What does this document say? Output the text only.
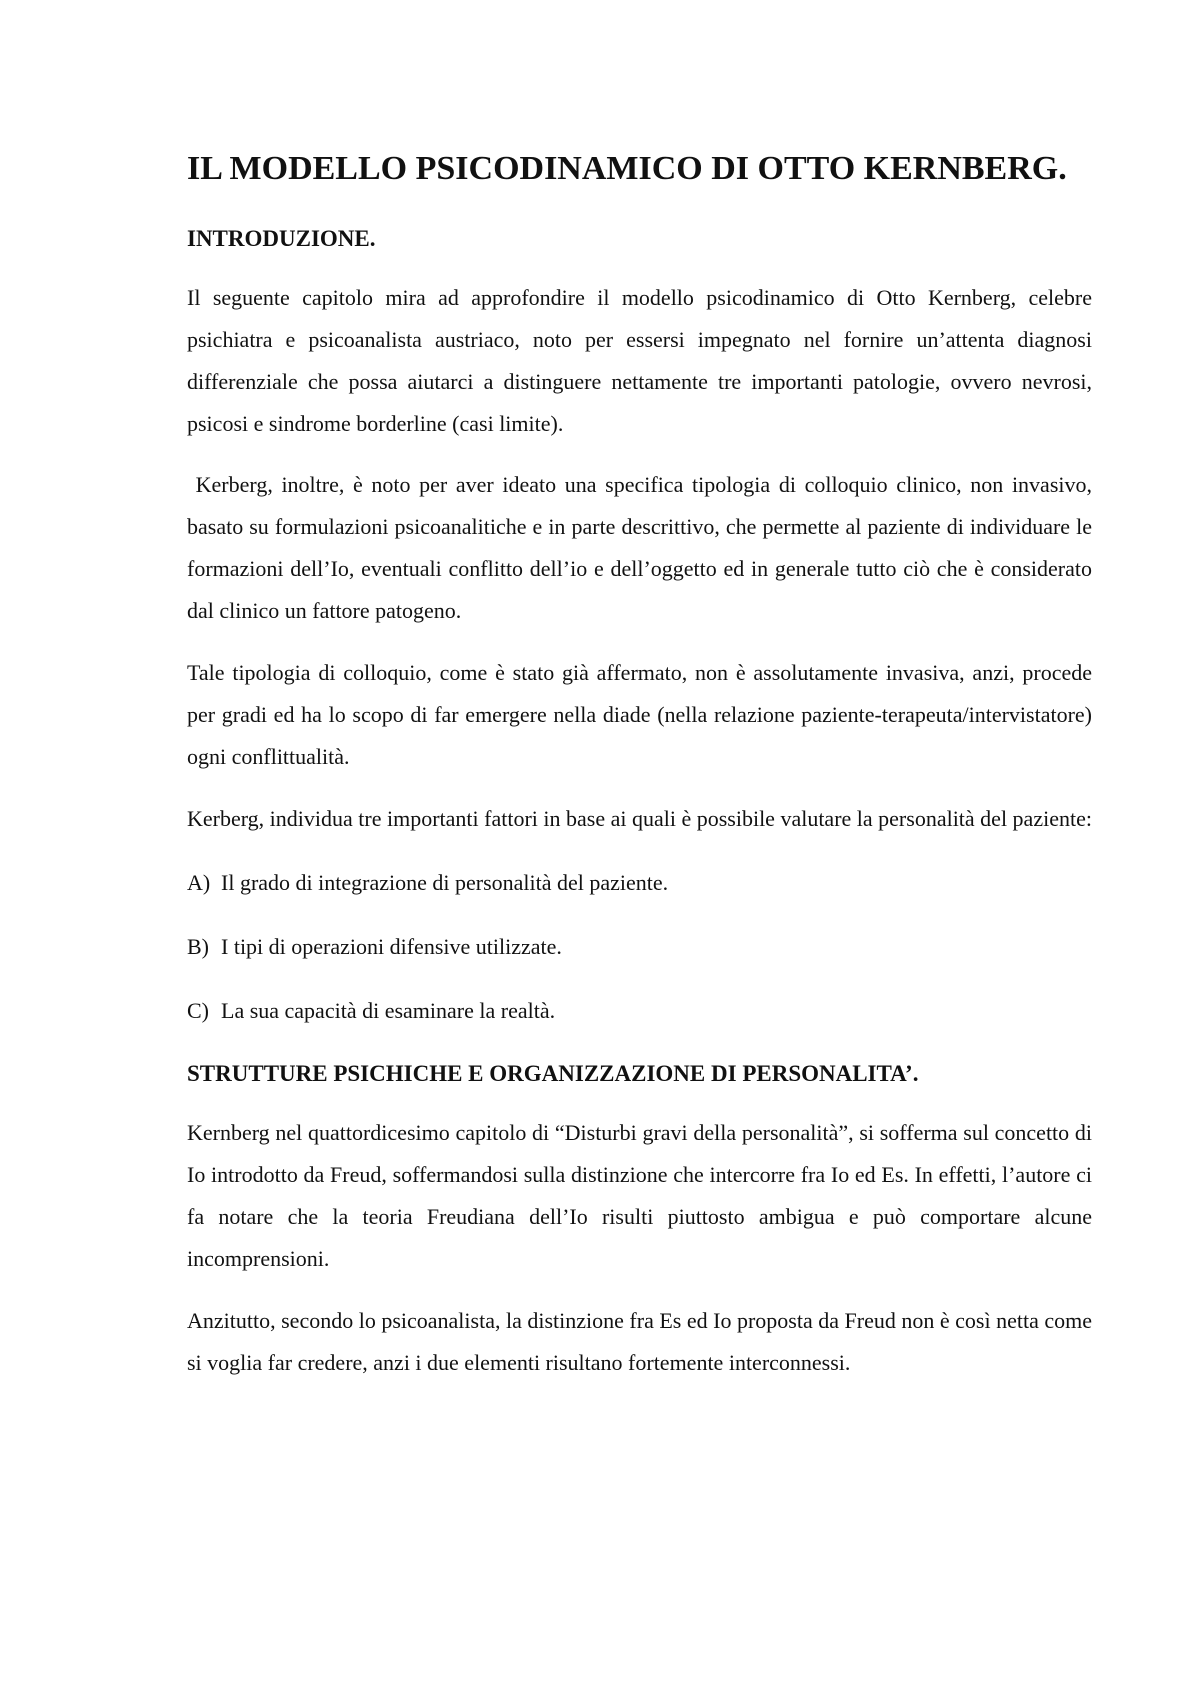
IL MODELLO PSICODINAMICO DI OTTO KERNBERG.
INTRODUZIONE.

Il seguente capitolo mira ad approfondire il modello psicodinamico di Otto Kernberg, celebre psichiatra e psicoanalista austriaco, noto per essersi impegnato nel fornire un’attenta diagnosi differenziale che possa aiutarci a distinguere nettamente tre importanti patologie, ovvero nevrosi, psicosi e sindrome borderline (casi limite).

Kerberg, inoltre, è noto per aver ideato una specifica tipologia di colloquio clinico, non invasivo, basato su formulazioni psicoanalitiche e in parte descrittivo, che permette al paziente di individuare le formazioni dell’Io, eventuali conflitto dell’io e dell’oggetto ed in generale tutto ciò che è considerato dal clinico un fattore patogeno.

Tale tipologia di colloquio, come è stato già affermato, non è assolutamente invasiva, anzi, procede per gradi ed ha lo scopo di far emergere nella diade (nella relazione paziente-terapeuta/intervistatore) ogni conflittualità.

Kerberg, individua tre importanti fattori in base ai quali è possibile valutare la personalità del paziente:

A) Il grado di integrazione di personalità del paziente.
B) I tipi di operazioni difensive utilizzate.
C) La sua capacità di esaminare la realtà.
STRUTTURE PSICHICHE E ORGANIZZAZIONE DI PERSONALITA’.

Kernberg nel quattordicesimo capitolo di “Disturbi gravi della personalità”, si sofferma sul concetto di Io introdotto da Freud, soffermandosi sulla distinzione che intercorre fra Io ed Es. In effetti, l’autore ci fa notare che la teoria Freudiana dell’Io risulti piuttosto ambigua e può comportare alcune incomprensioni.

Anzitutto, secondo lo psicoanalista, la distinzione fra Es ed Io proposta da Freud non è così netta come si voglia far credere, anzi i due elementi risultano fortemente interconnessi.
